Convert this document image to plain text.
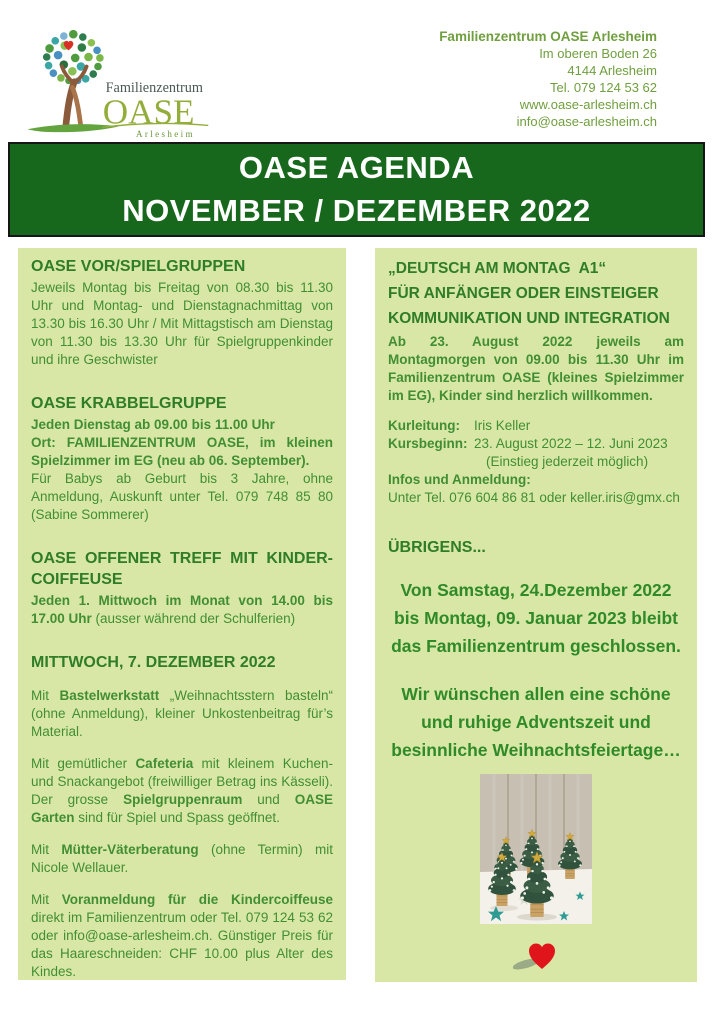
Familienzentrum
OASE
Arlesheim
Familienzentrum OASE Arlesheim
Im oberen Boden 26
4144 Arlesheim
Tel. 079 124 53 62
www.oase-arlesheim.ch
info@oase-arlesheim.ch
OASE AGENDA
NOVEMBER / DEZEMBER 2022
OASE VOR/SPIELGRUPPEN

Jeweils Montag bis Freitag von 08.30 bis 11.30 Uhr und Montag- und Dienstagnachmittag von 13.30 bis 16.30 Uhr / Mit Mittagstisch am Dienstag von 11.30 bis 13.30 Uhr für Spielgruppenkinder und ihre Geschwister

OASE KRABBELGRUPPE

Jeden Dienstag ab 09.00 bis 11.00 Uhr

Ort: FAMILIENZENTRUM OASE, im kleinen Spielzimmer im EG (neu ab 06. September).

Für Babys ab Geburt bis 3 Jahre, ohne Anmeldung, Auskunft unter Tel. 079 748 85 80 (Sabine Sommerer)

OASE OFFENER TREFF MIT KINDER-COIFFEUSE

Jeden 1. Mittwoch im Monat von 14.00 bis 17.00 Uhr (ausser während der Schulferien)

MITTWOCH, 7. DEZEMBER 2022

Mit Bastelwerkstatt „Weihnachtsstern basteln“ (ohne Anmeldung), kleiner Unkostenbeitrag für’s Material.

Mit gemütlicher Cafeteria mit kleinem Kuchen- und Snackangebot (freiwilliger Betrag ins Kässeli). Der grosse Spielgruppenraum und OASE Garten sind für Spiel und Spass geöffnet.

Mit Mütter-Väterberatung (ohne Termin) mit Nicole Wellauer.

Mit Voranmeldung für die Kindercoiffeuse direkt im Familienzentrum oder Tel. 079 124 53 62 oder info@oase-arlesheim.ch. Günstiger Preis für das Haareschneiden: CHF 10.00 plus Alter des Kindes.

„DEUTSCH AM MONTAG  A1“
FÜR ANFÄNGER ODER EINSTEIGER
KOMMUNIKATION UND INTEGRATION

Ab 23. August 2022 jeweils am Montagmorgen von 09.00 bis 11.30 Uhr im Familienzentrum OASE (kleines Spielzimmer im EG), Kinder sind herzlich willkommen.

Kurleitung:	Iris Keller
Kursbeginn: 23. August 2022 – 12. Juni 2023
(Einstieg jederzeit möglich)
Infos und Anmeldung:
Unter Tel. 076 604 86 81 oder keller.iris@gmx.ch
ÜBRIGENS...

Von Samstag, 24.Dezember 2022 bis Montag, 09. Januar 2023 bleibt das Familienzentrum geschlossen.

Wir wünschen allen eine schöne und ruhige Adventszeit und besinnliche Weihnachtsfeiertage…
